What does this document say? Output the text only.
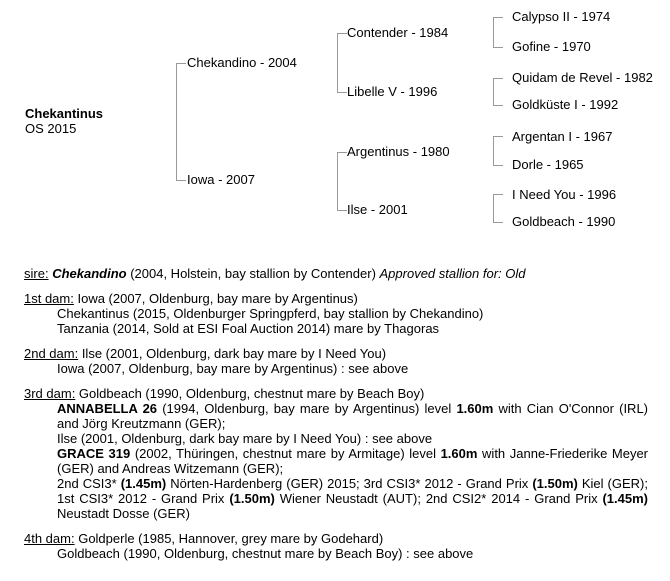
Chekantinus
OS 2015
Chekandino - 2004
Iowa - 2007
Contender - 1984
Libelle V - 1996
Argentinus - 1980
Ilse - 2001
Calypso II - 1974
Gofine - 1970
Quidam de Revel - 1982
Goldküste I - 1992
Argentan I - 1967
Dorle - 1965
I Need You - 1996
Goldbeach - 1990

sire: Chekandino (2004, Holstein, bay stallion by Contender) Approved stallion for: Old

1st dam: Iowa (2007, Oldenburg, bay mare by Argentinus)

Chekantinus (2015, Oldenburger Springpferd, bay stallion by Chekandino)

Tanzania (2014, Sold at ESI Foal Auction 2014) mare by Thagoras

2nd dam: Ilse (2001, Oldenburg, dark bay mare by I Need You)

Iowa (2007, Oldenburg, bay mare by Argentinus) : see above

3rd dam: Goldbeach (1990, Oldenburg, chestnut mare by Beach Boy)

ANNABELLA 26 (1994, Oldenburg, bay mare by Argentinus) level 1.60m with Cian O'Connor (IRL) and Jörg Kreutzmann (GER);

Ilse (2001, Oldenburg, dark bay mare by I Need You) : see above

GRACE 319 (2002, Thüringen, chestnut mare by Armitage) level 1.60m with Janne-Friederike Meyer (GER) and Andreas Witzemann (GER);

2nd CSI3* (1.45m) Nörten-Hardenberg (GER) 2015; 3rd CSI3* 2012 - Grand Prix (1.50m) Kiel (GER); 1st CSI3* 2012 - Grand Prix (1.50m) Wiener Neustadt (AUT); 2nd CSI2* 2014 - Grand Prix (1.45m) Neustadt Dosse (GER)

4th dam: Goldperle (1985, Hannover, grey mare by Godehard)

Goldbeach (1990, Oldenburg, chestnut mare by Beach Boy) : see above
